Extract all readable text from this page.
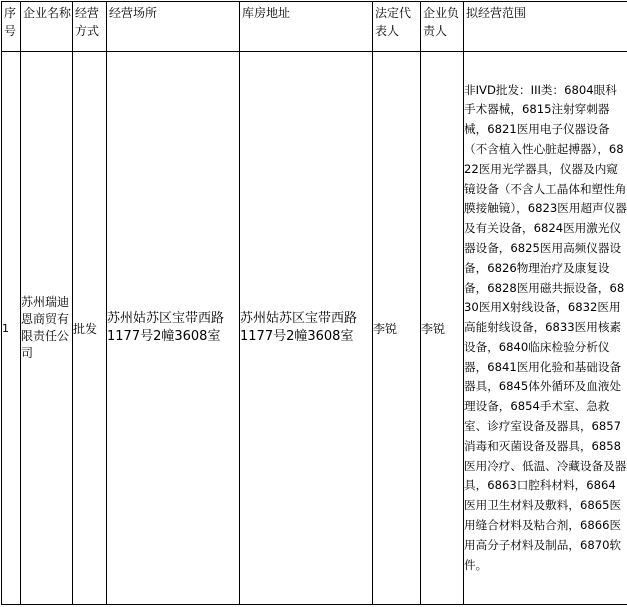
序号	企业名称	经营方式	经营场所	库房地址	法定代表人	企业负责人	拟经营范围
1	苏州瑞迪恩商贸有限责任公司	批发	苏州姑苏区宝带西路1177号2幢3608室	苏州姑苏区宝带西路1177号2幢3608室	李锐	李锐	非IVD批发：III类：6804眼科手术器械，6815注射穿刺器械，6821医用电子仪器设备（不含植入性心脏起搏器），6822医用光学器具，仪器及内窥镜设备（不含人工晶体和塑性角膜接触镜），6823医用超声仪器及有关设备，6824医用激光仪器设备，6825医用高频仪器设备，6826物理治疗及康复设备，6828医用磁共振设备，6830医用X射线设备，6832医用高能射线设备，6833医用核素设备，6840临床检验分析仪器，6841医用化验和基础设备器具，6845体外循环及血液处理设备，6854手术室、急救室、诊疗室设备及器具，6857消毒和灭菌设备及器具，6858医用冷疗、低温、冷藏设备及器具，6863口腔科材料，6864医用卫生材料及敷料，6865医用缝合材料及粘合剂，6866医用高分子材料及制品，6870软件。
